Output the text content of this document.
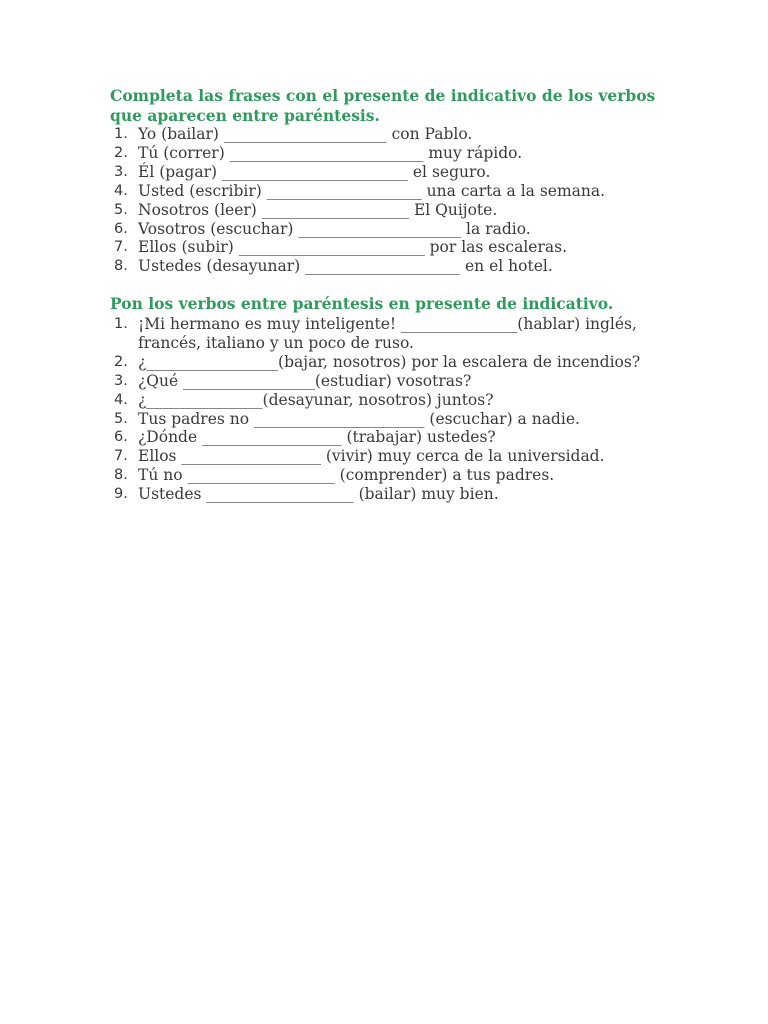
Completa las frases con el presente de indicativo de los verbos que aparecen entre paréntesis.
1. Yo (bailar) _____________________ con Pablo.
2. Tú (correr) _________________________ muy rápido.
3. Él (pagar) ________________________ el seguro.
4. Usted (escribir) ____________________ una carta a la semana.
5. Nosotros (leer) ___________________ El Quijote.
6. Vosotros (escuchar) _____________________ la radio.
7. Ellos (subir) ________________________ por las escaleras.
8. Ustedes (desayunar) ____________________ en el hotel.
Pon los verbos entre paréntesis en presente de indicativo.
1. ¡Mi hermano es muy inteligente! _______________(hablar) inglés, francés, italiano y un poco de ruso.
2. ¿_________________(bajar, nosotros) por la escalera de incendios?
3. ¿Qué _________________(estudiar) vosotras?
4. ¿_______________(desayunar, nosotros) juntos?
5. Tus padres no ______________________ (escuchar) a nadie.
6. ¿Dónde __________________ (trabajar) ustedes?
7. Ellos __________________ (vivir) muy cerca de la universidad.
8. Tú no ___________________ (comprender) a tus padres.
9. Ustedes ___________________ (bailar) muy bien.
